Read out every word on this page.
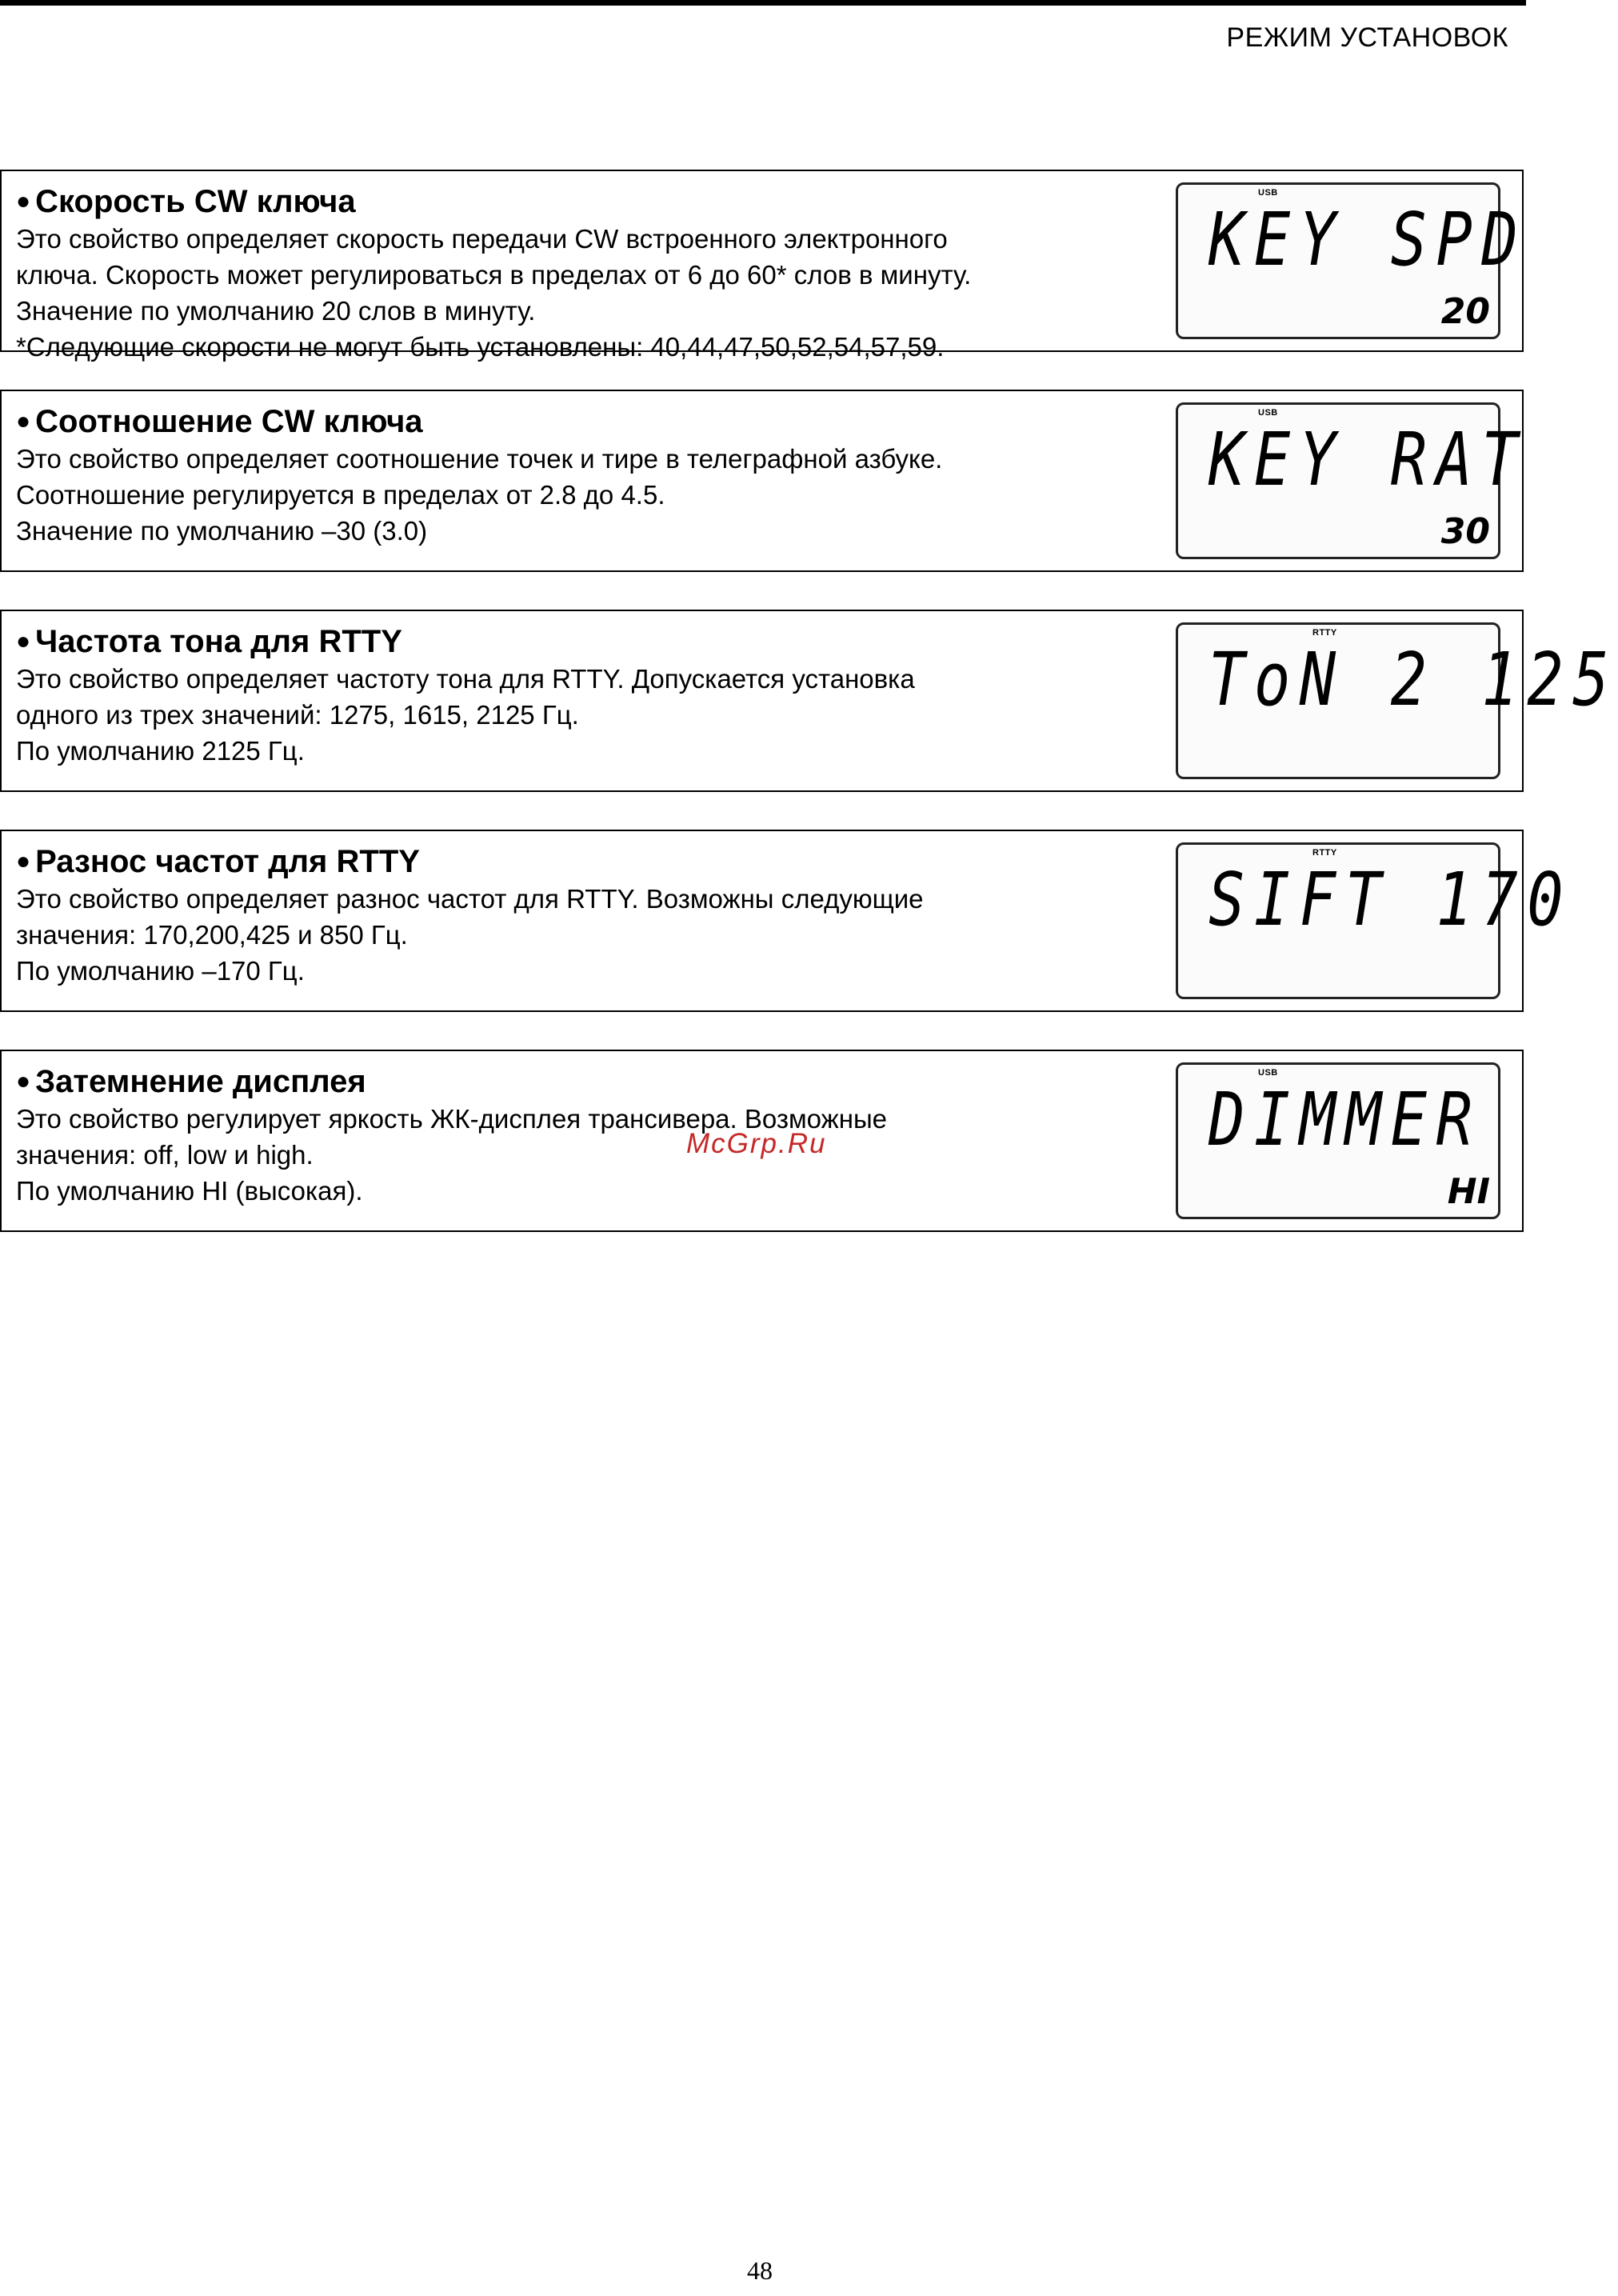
РЕЖИМ УСТАНОВОК
● Скорость CW ключа
Это свойство определяет скорость передачи CW встроенного электронного
ключа. Скорость может регулироваться в пределах от 6 до 60* слов в минуту.
Значение по умолчанию 20 слов в минуту.
*Следующие скорости не могут быть установлены: 40,44,47,50,52,54,57,59.
USB
KEY SPD
20
● Соотношение CW ключа
Это свойство определяет соотношение точек и тире в телеграфной азбуке.
Соотношение регулируется в пределах от 2.8 до 4.5.
Значение по умолчанию –30 (3.0)
USB
KEY RAT
30
● Частота тона для RTTY
Это свойство определяет частоту тона для RTTY. Допускается установка
одного из трех значений: 1275, 1615, 2125 Гц.
По умолчанию 2125 Гц.
RTTY
ToN 2 125
● Разнос частот для RTTY
Это свойство определяет разнос частот для RTTY. Возможны следующие
значения: 170,200,425 и 850 Гц.
По умолчанию –170 Гц.
RTTY
SIFT 170
● Затемнение дисплея
Это свойство регулирует яркость ЖК-дисплея трансивера. Возможные
значения: off, low и high.
По умолчанию HI (высокая).
USB
DIMMER
HI
McGrp.Ru
48
